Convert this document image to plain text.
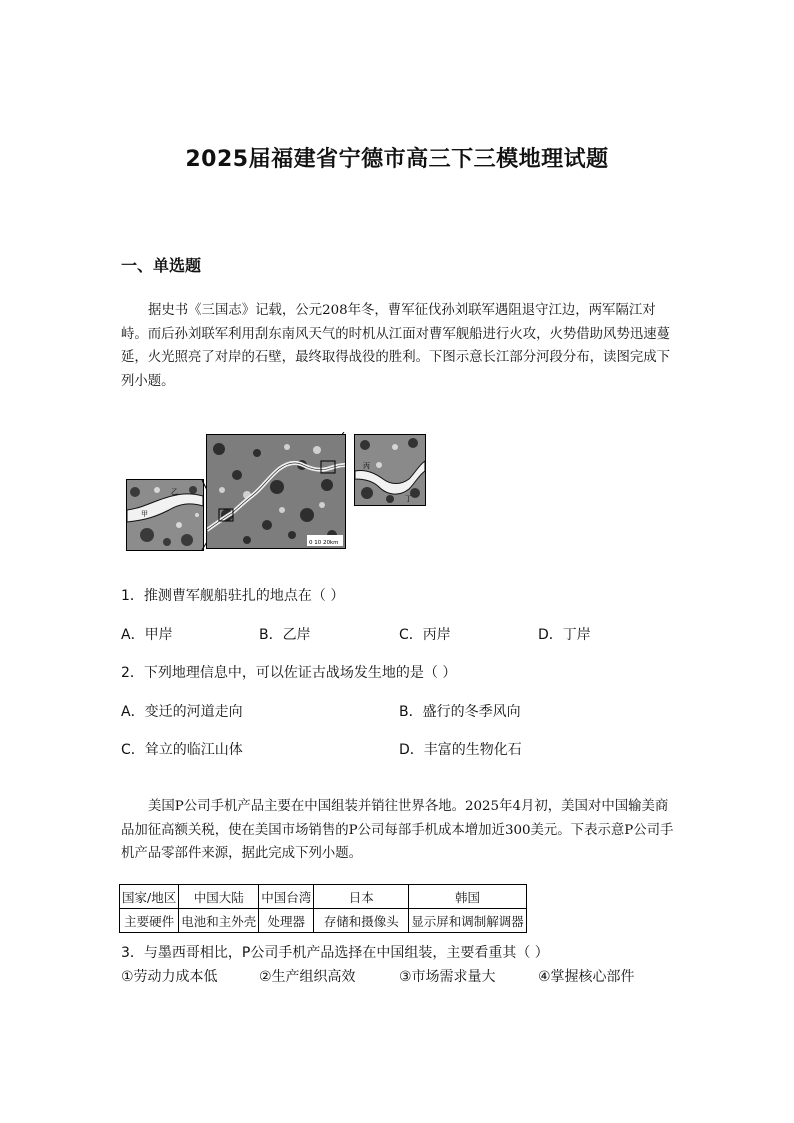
2025届福建省宁德市高三下三模地理试题
一、单选题
据史书《三国志》记载，公元208年冬，曹军征伐孙刘联军遇阻退守江边，两军隔江对峙。而后孙刘联军利用刮东南风天气的时机从江面对曹军舰船进行火攻，火势借助风势迅速蔓延，火光照亮了对岸的石壁，最终取得战役的胜利。下图示意长江部分河段分布，读图完成下列小题。
甲
乙
0 10 20km
丙
丁
1．推测曹军舰船驻扎的地点在（ ）
A．甲岸	B．乙岸	C．丙岸	D．丁岸
2．下列地理信息中，可以佐证古战场发生地的是（ ）
A．变迁的河道走向	B．盛行的冬季风向
C．耸立的临江山体	D．丰富的生物化石
美国P公司手机产品主要在中国组装并销往世界各地。2025年4月初，美国对中国输美商品加征高额关税，使在美国市场销售的P公司每部手机成本增加近300美元。下表示意P公司手机产品零部件来源，据此完成下列小题。
国家/地区	中国大陆	中国台湾	日本	韩国
主要硬件	电池和主外壳	处理器	存储和摄像头	显示屏和调制解调器
3．与墨西哥相比，P公司手机产品选择在中国组装，主要看重其（ ）
①劳动力成本低	②生产组织高效	③市场需求量大	④掌握核心部件
